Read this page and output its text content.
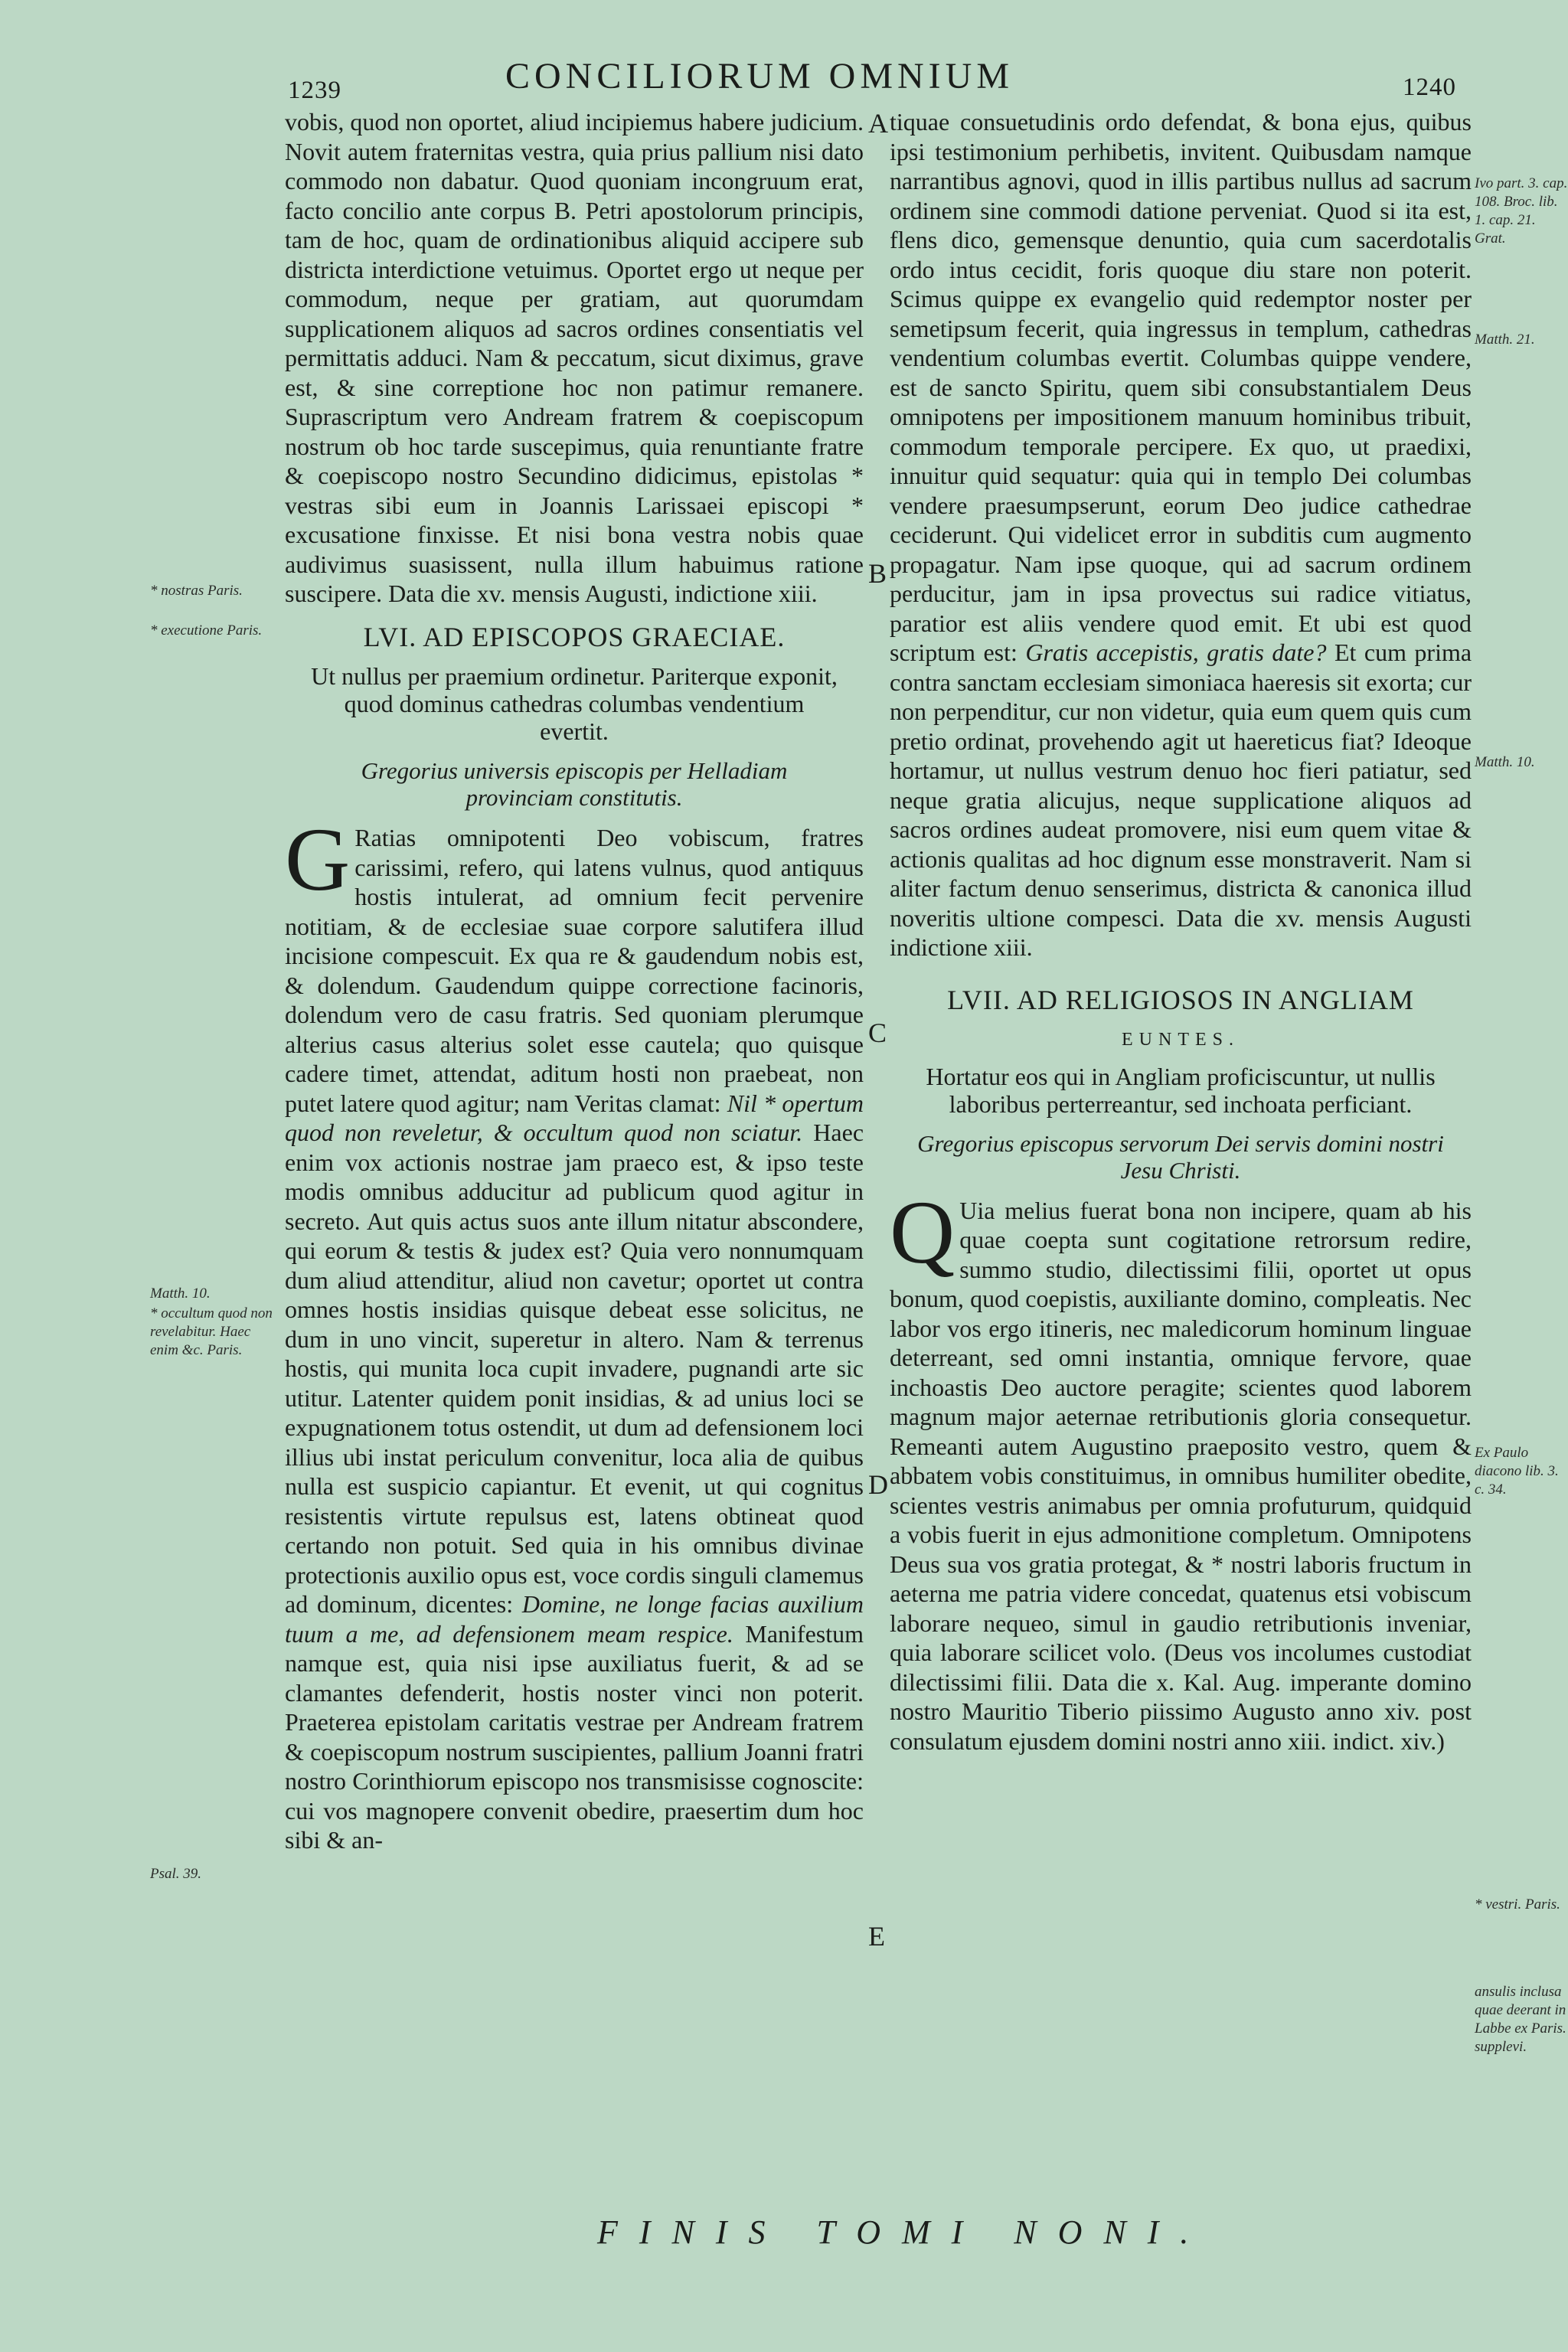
1239	CONCILIORUM OMNIUM	1240
A
B
C
D
E
* nostras Paris.
* executione Paris.
Matth. 10.
* occultum quod non revelabitur. Haec enim &c. Paris.
Psal. 39.
Ivo part. 3. cap. 108. Broc. lib. 1. cap. 21. Grat.
Matth. 21.
Matth. 10.
Ex Paulo diacono lib. 3. c. 34.
* vestri. Paris.
ansulis inclusa quae deerant in Labbe ex Paris. supplevi.

vobis, quod non oportet, aliud incipiemus habere judicium. Novit autem fraternitas vestra, quia prius pallium nisi dato commodo non dabatur. Quod quoniam incongruum erat, facto concilio ante corpus B. Petri apostolorum principis, tam de hoc, quam de ordinationibus aliquid accipere sub districta interdictione vetuimus. Oportet ergo ut neque per commodum, neque per gratiam, aut quorumdam supplicationem aliquos ad sacros ordines consentiatis vel permittatis adduci. Nam & peccatum, sicut diximus, grave est, & sine correptione hoc non patimur remanere. Suprascriptum vero Andream fratrem & coepiscopum nostrum ob hoc tarde suscepimus, quia renuntiante fratre & coepiscopo nostro Secundino didicimus, epistolas * vestras sibi eum in Joannis Larissaei episcopi * excusatione finxisse. Et nisi bona vestra nobis quae audivimus suasissent, nulla illum habuimus ratione suscipere. Data die xv. mensis Augusti, indictione xiii.

LVI. AD EPISCOPOS GRAECIAE.
Ut nullus per praemium ordinetur. Pariterque exponit, quod dominus cathedras columbas vendentium evertit.
Gregorius universis episcopis per Helladiam provinciam constitutis.

G Ratias omnipotenti Deo vobiscum, fratres carissimi, refero, qui latens vulnus, quod antiquus hostis intulerat, ad omnium fecit pervenire notitiam, & de ecclesiae suae corpore salutifera illud incisione compescuit. Ex qua re & gaudendum nobis est, & dolendum. Gaudendum quippe correctione facinoris, dolendum vero de casu fratris. Sed quoniam plerumque alterius casus alterius solet esse cautela; quo quisque cadere timet, attendat, aditum hosti non praebeat, non putet latere quod agitur; nam Veritas clamat: Nil * opertum quod non reveletur, & occultum quod non sciatur. Haec enim vox actionis nostrae jam praeco est, & ipso teste modis omnibus adducitur ad publicum quod agitur in secreto. Aut quis actus suos ante illum nitatur abscondere, qui eorum & testis & judex est? Quia vero nonnumquam dum aliud attenditur, aliud non cavetur; oportet ut contra omnes hostis insidias quisque debeat esse solicitus, ne dum in uno vincit, superetur in altero. Nam & terrenus hostis, qui munita loca cupit invadere, pugnandi arte sic utitur. Latenter quidem ponit insidias, & ad unius loci se expugnationem totus ostendit, ut dum ad defensionem loci illius ubi instat periculum convenitur, loca alia de quibus nulla est suspicio capiantur. Et evenit, ut qui cognitus resistentis virtute repulsus est, latens obtineat quod certando non potuit. Sed quia in his omnibus divinae protectionis auxilio opus est, voce cordis singuli clamemus ad dominum, dicentes: Domine, ne longe facias auxilium tuum a me, ad defensionem meam respice. Manifestum namque est, quia nisi ipse auxiliatus fuerit, & ad se clamantes defenderit, hostis noster vinci non poterit. Praeterea epistolam caritatis vestrae per Andream fratrem & coepiscopum nostrum suscipientes, pallium Joanni fratri nostro Corinthiorum episcopo nos transmisisse cognoscite: cui vos magnopere convenit obedire, praesertim dum hoc sibi & an-

tiquae consuetudinis ordo defendat, & bona ejus, quibus ipsi testimonium perhibetis, invitent. Quibusdam namque narrantibus agnovi, quod in illis partibus nullus ad sacrum ordinem sine commodi datione perveniat. Quod si ita est, flens dico, gemensque denuntio, quia cum sacerdotalis ordo intus cecidit, foris quoque diu stare non poterit. Scimus quippe ex evangelio quid redemptor noster per semetipsum fecerit, quia ingressus in templum, cathedras vendentium columbas evertit. Columbas quippe vendere, est de sancto Spiritu, quem sibi consubstantialem Deus omnipotens per impositionem manuum hominibus tribuit, commodum temporale percipere. Ex quo, ut praedixi, innuitur quid sequatur: quia qui in templo Dei columbas vendere praesumpserunt, eorum Deo judice cathedrae ceciderunt. Qui videlicet error in subditis cum augmento propagatur. Nam ipse quoque, qui ad sacrum ordinem perducitur, jam in ipsa provectus sui radice vitiatus, paratior est aliis vendere quod emit. Et ubi est quod scriptum est: Gratis accepistis, gratis date? Et cum prima contra sanctam ecclesiam simoniaca haeresis sit exorta; cur non perpenditur, cur non videtur, quia eum quem quis cum pretio ordinat, provehendo agit ut haereticus fiat? Ideoque hortamur, ut nullus vestrum denuo hoc fieri patiatur, sed neque gratia alicujus, neque supplicatione aliquos ad sacros ordines audeat promovere, nisi eum quem vitae & actionis qualitas ad hoc dignum esse monstraverit. Nam si aliter factum denuo senserimus, districta & canonica illud noveritis ultione compesci. Data die xv. mensis Augusti indictione xiii.

LVII. AD RELIGIOSOS IN ANGLIAM
EUNTES.
Hortatur eos qui in Angliam proficiscuntur, ut nullis laboribus perterreantur, sed inchoata perficiant.
Gregorius episcopus servorum Dei servis domini nostri Jesu Christi.

Q Uia melius fuerat bona non incipere, quam ab his quae coepta sunt cogitatione retrorsum redire, summo studio, dilectissimi filii, oportet ut opus bonum, quod coepistis, auxiliante domino, compleatis. Nec labor vos ergo itineris, nec maledicorum hominum linguae deterreant, sed omni instantia, omnique fervore, quae inchoastis Deo auctore peragite; scientes quod laborem magnum major aeternae retributionis gloria consequetur. Remeanti autem Augustino praeposito vestro, quem & abbatem vobis constituimus, in omnibus humiliter obedite, scientes vestris animabus per omnia profuturum, quidquid a vobis fuerit in ejus admonitione completum. Omnipotens Deus sua vos gratia protegat, & * nostri laboris fructum in aeterna me patria videre concedat, quatenus etsi vobiscum laborare nequeo, simul in gaudio retributionis inveniar, quia laborare scilicet volo. (Deus vos incolumes custodiat dilectissimi filii. Data die x. Kal. Aug. imperante domino nostro Mauritio Tiberio piissimo Augusto anno xiv. post consulatum ejusdem domini nostri anno xiii. indict. xiv.)

FINIS TOMI NONI.
